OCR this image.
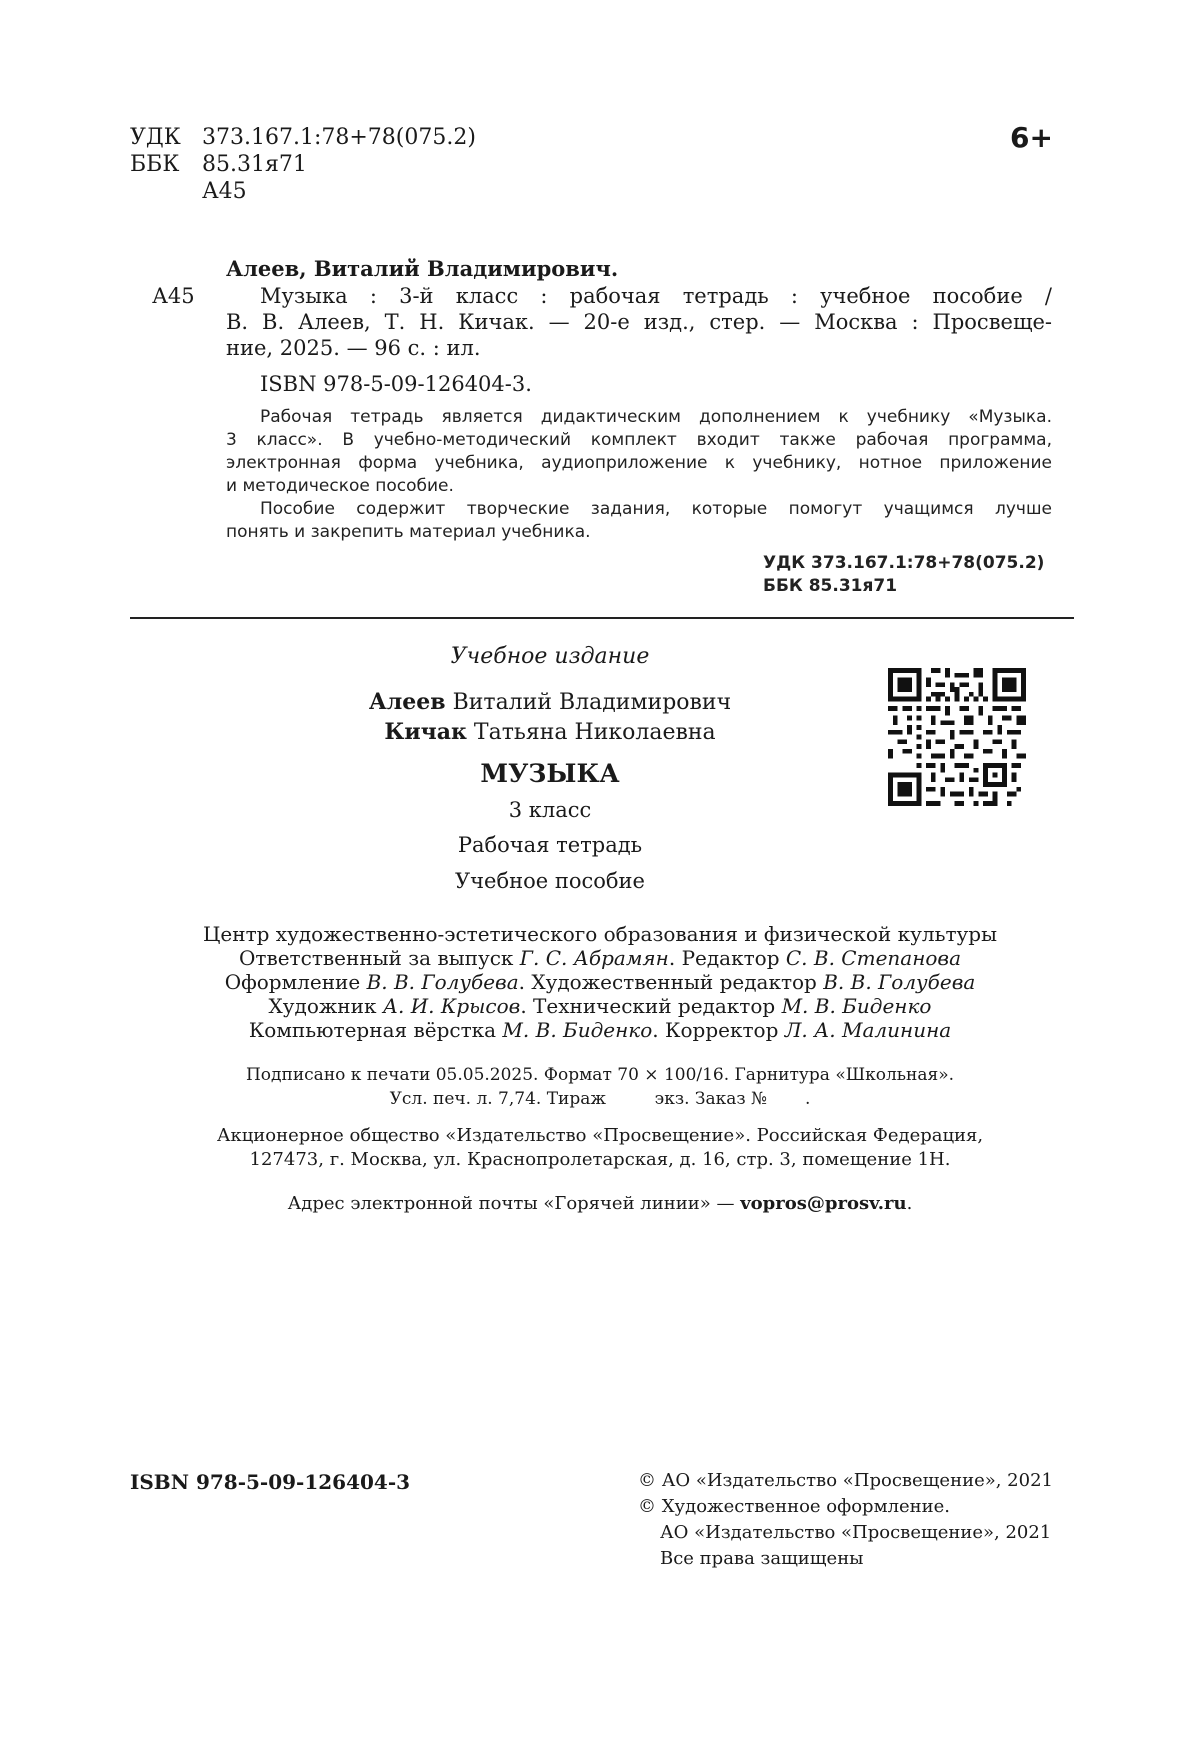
УДК 373.167.1:78+78(075.2)
ББК 85.31я71
А45
6+
Алеев, Виталий Владимирович.
А45	Музыка : 3-й класс : рабочая тетрадь : учебное пособие /
В. В. Алеев, Т. Н. Кичак. — 20-е изд., стер. — Москва : Просвеще-
ние, 2025. — 96 с. : ил.
ISBN 978-5-09-126404-3.
Рабочая тетрадь является дидактическим дополнением к учебнику «Музыка.
3 класс». В учебно-методический комплект входит также рабочая программа,
электронная форма учебника, аудиоприложение к учебнику, нотное приложение
и методическое пособие.
Пособие содержит творческие задания, которые помогут учащимся лучше
понять и закрепить материал учебника.
УДК 373.167.1:78+78(075.2)
ББК 85.31я71
Учебное издание
Алеев Виталий Владимирович
Кичак Татьяна Николаевна
МУЗЫКА
3 класс
Рабочая тетрадь
Учебное пособие
Центр художественно-эстетического образования и физической культуры
Ответственный за выпуск Г. С. Абрамян. Редактор С. В. Степанова
Оформление В. В. Голубева. Художественный редактор В. В. Голубева
Художник А. И. Крысов. Технический редактор М. В. Биденко
Компьютерная вёрстка М. В. Биденко. Корректор Л. А. Малинина
Подписано к печати 05.05.2025. Формат 70 × 100/16. Гарнитура «Школьная».
Усл. печ. л. 7,74. Тираж         экз. Заказ №       .
Акционерное общество «Издательство «Просвещение». Российская Федерация,
127473, г. Москва, ул. Краснопролетарская, д. 16, стр. 3, помещение 1Н.
Адрес электронной почты «Горячей линии» — vopros@prosv.ru.
ISBN 978-5-09-126404-3	© АО «Издательство «Просвещение», 2021
© Художественное оформление.
АО «Издательство «Просвещение», 2021
Все права защищены
